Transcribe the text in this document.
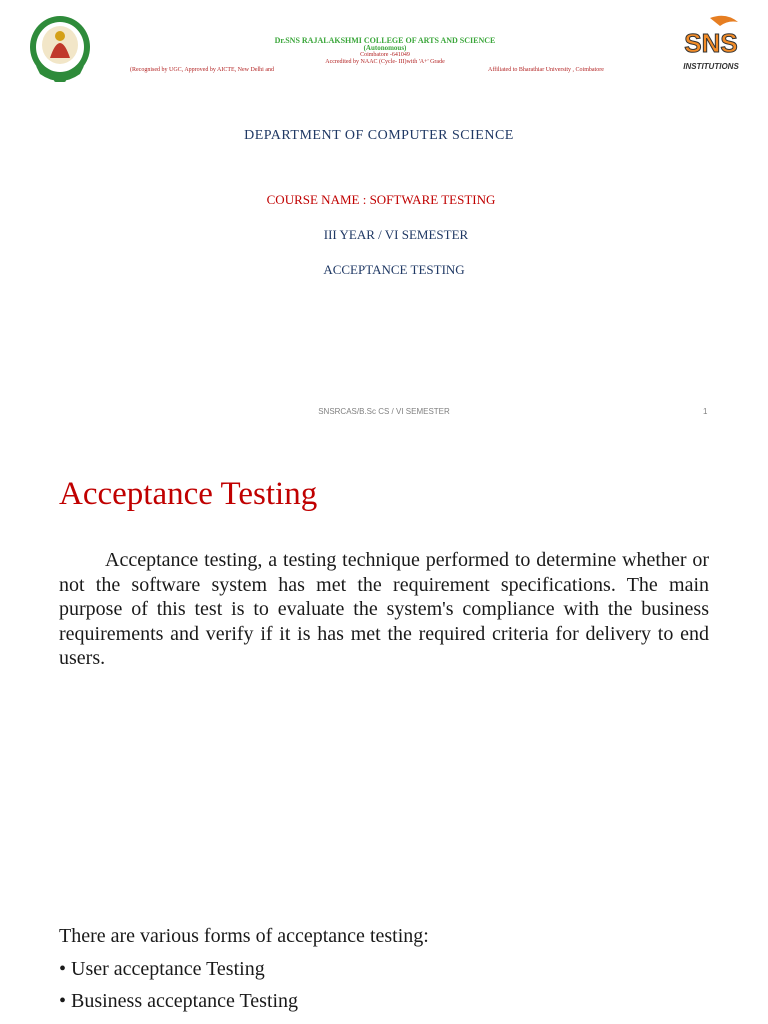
Dr.SNS RAJALAKSHMI COLLEGE OF ARTS AND SCIENCE
(Autonomous)
Coimbatore -641049
Accredited by NAAC (Cycle- III)with 'A+' Grade
(Recognised by UGC, Approved by AICTE, New Delhi and	Affiliated to Bharathiar University , Coimbatore
SNS
INSTITUTIONS
DEPARTMENT OF COMPUTER SCIENCE
COURSE NAME : SOFTWARE TESTING
III YEAR / VI SEMESTER
ACCEPTANCE TESTING
SNSRCAS/B.Sc CS / VI SEMESTER	1
Acceptance Testing
Acceptance testing, a testing technique performed to determine whether or not the software system has met the requirement specifications. The main purpose of this test is to evaluate the system's compliance with the business requirements and verify if it is has met the required criteria for delivery to end users.
There are various forms of acceptance testing:
• User acceptance Testing
• Business acceptance Testing
